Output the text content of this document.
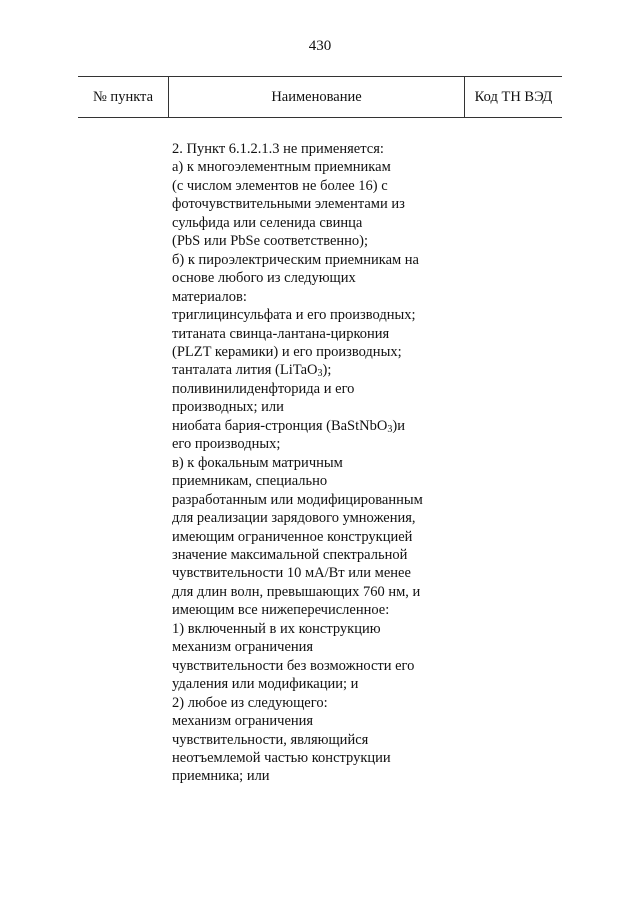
430
№ пункта	Наименование	Код ТН ВЭД
2. Пункт 6.1.2.1.3 не применяется:
а) к многоэлементным приемникам
(с числом элементов не более 16) с
фоточувствительными элементами из
сульфида или селенида свинца
(PbS или PbSe соответственно);
б) к пироэлектрическим приемникам на
основе любого из следующих
материалов:
триглицинсульфата и его производных;
титаната свинца-лантана-циркония
(PLZT керамики) и его производных;
танталата лития (LiTaO$_3$);
поливинилиденфторида и его
производных; или
ниобата бария-стронция (BaStNbO$_3$)и
его производных;
в) к фокальным матричным
приемникам, специально
разработанным или модифицированным
для реализации зарядового умножения,
имеющим ограниченное конструкцией
значение максимальной спектральной
чувствительности 10 мА/Вт или менее
для длин волн, превышающих 760 нм, и
имеющим все нижеперечисленное:
1) включенный в их конструкцию
механизм ограничения
чувствительности без возможности его
удаления или модификации; и
2) любое из следующего:
механизм ограничения
чувствительности, являющийся
неотъемлемой частью конструкции
приемника; или
